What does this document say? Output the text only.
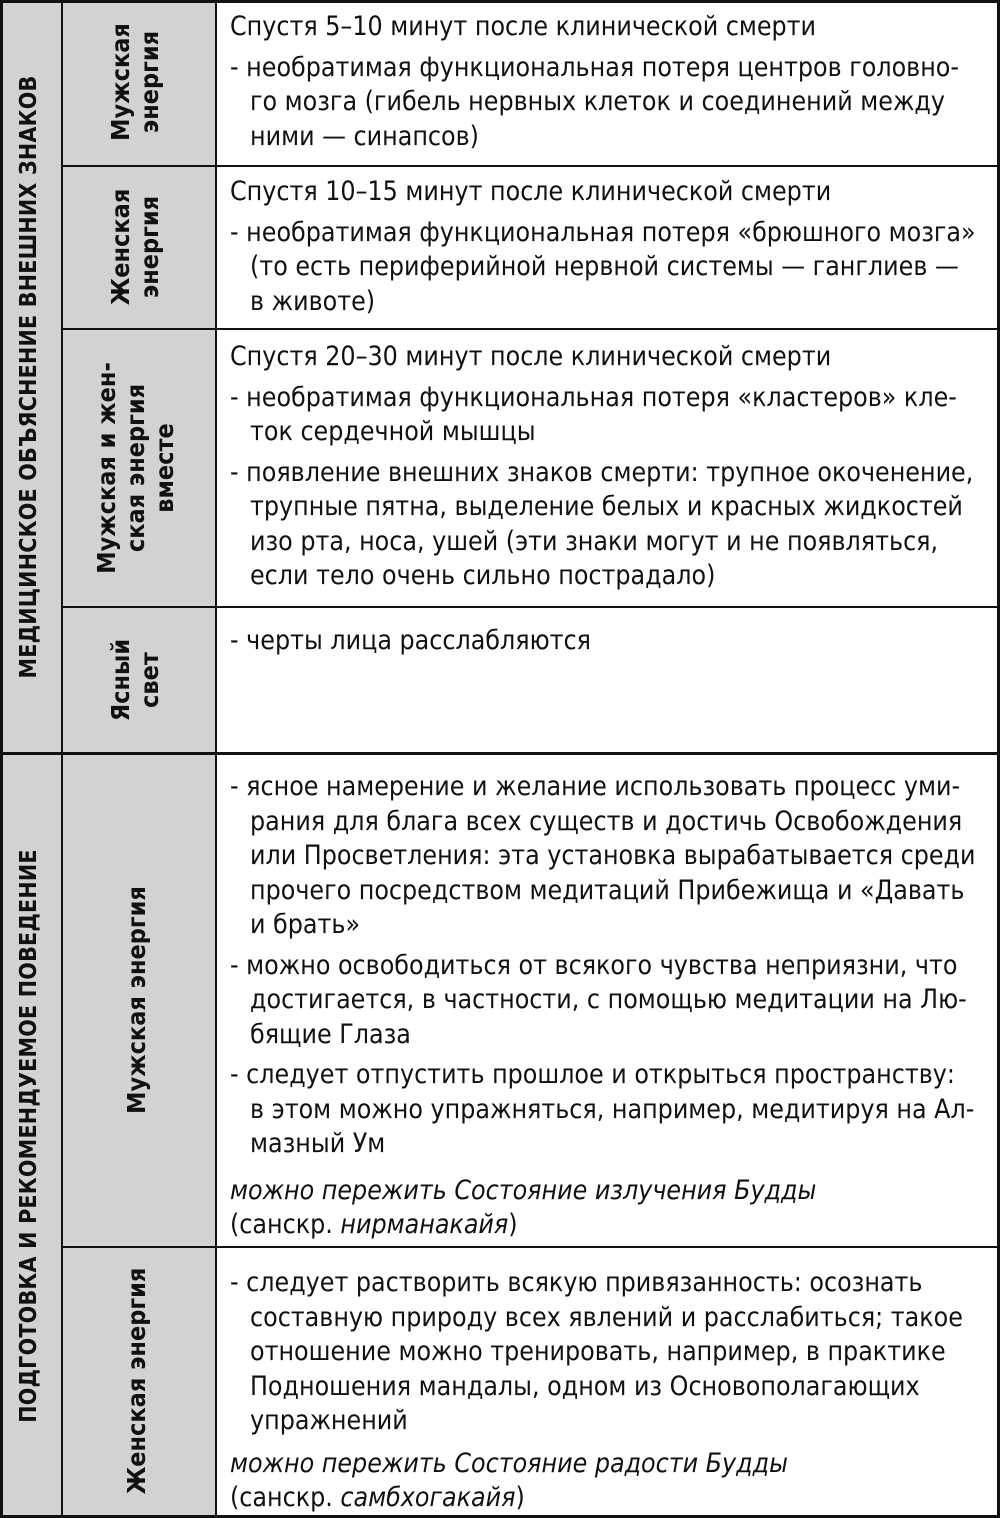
МЕДИЦИНСКОЕ ОБЪЯСНЕНИЕ ВНЕШНИХ ЗНАКОВ
ПОДГОТОВКА И РЕКОМЕНДУЕМОЕ ПОВЕДЕНИЕ
Мужская энергия
Женская энергия
Мужская и жен- ская энергия вместе
Ясный свет
Мужская энергия
Женская энергия

Спустя 5–10 минут после клинической смерти

- необратимая функциональная потеря центров головно-
го мозга (гибель нервных клеток и соединений между
ними — синапсов)

Спустя 10–15 минут после клинической смерти

- необратимая функциональная потеря «брюшного мозга»
(то есть периферийной нервной системы — ганглиев —
в животе)

Спустя 20–30 минут после клинической смерти

- необратимая функциональная потеря «кластеров» кле-
ток сердечной мышцы

- появление внешних знаков смерти: трупное окоченение,
трупные пятна, выделение белых и красных жидкостей
изо рта, носа, ушей (эти знаки могут и не появляться,
если тело очень сильно пострадало)

- черты лица расслабляются

- ясное намерение и желание использовать процесс уми-
рания для блага всех существ и достичь Освобождения
или Просветления: эта установка вырабатывается среди
прочего посредством медитаций Прибежища и «Давать
и брать»

- можно освободиться от всякого чувства неприязни, что
достигается, в частности, с помощью медитации на Лю-
бящие Глаза

- следует отпустить прошлое и открыться пространству:
в этом можно упражняться, например, медитируя на Ал-
мазный Ум

можно пережить Состояние излучения Будды
(санскр. нирманакайя)

- следует растворить всякую привязанность: осознать
составную природу всех явлений и расслабиться; такое
отношение можно тренировать, например, в практике
Подношения мандалы, одном из Основополагающих
упражнений

можно пережить Состояние радости Будды
(санскр. самбхогакайя)
